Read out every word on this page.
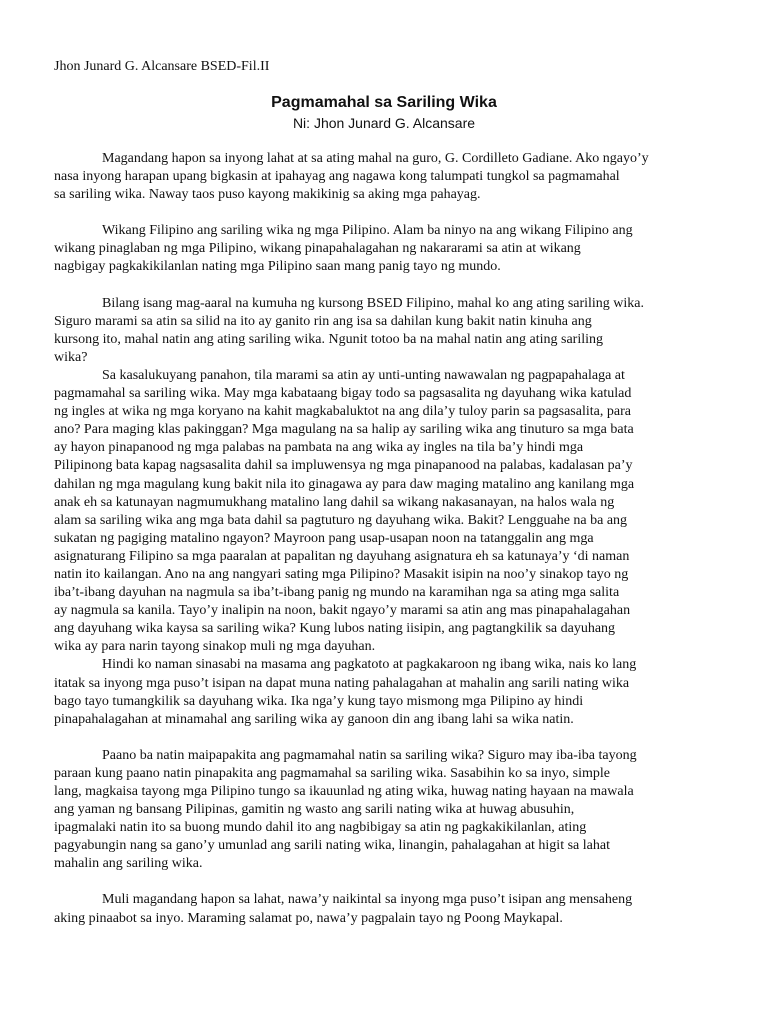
Jhon Junard G. Alcansare BSED-Fil.II
Pagmamahal sa Sariling Wika
Ni: Jhon Junard G. Alcansare

Magandang hapon sa inyong lahat at sa ating mahal na guro, G. Cordilleto Gadiane. Ako ngayo’y
nasa inyong harapan upang bigkasin at ipahayag ang nagawa kong talumpati tungkol sa pagmamahal
sa sariling wika. Naway taos puso kayong makikinig sa aking mga pahayag.

Wikang Filipino ang sariling wika ng mga Pilipino. Alam ba ninyo na ang wikang Filipino ang
wikang pinaglaban ng mga Pilipino, wikang pinapahalagahan ng nakararami sa atin at wikang
nagbigay pagkakikilanlan nating mga Pilipino saan mang panig tayo ng mundo.

Bilang isang mag-aaral na kumuha ng kursong BSED Filipino, mahal ko ang ating sariling wika.
Siguro marami sa atin sa silid na ito ay ganito rin ang isa sa dahilan kung bakit natin kinuha ang
kursong ito, mahal natin ang ating sariling wika. Ngunit totoo ba na mahal natin ang ating sariling
wika?

Sa kasalukuyang panahon, tila marami sa atin ay unti-unting nawawalan ng pagpapahalaga at
pagmamahal sa sariling wika. May mga kabataang bigay todo sa pagsasalita ng dayuhang wika katulad
ng ingles at wika ng mga koryano na kahit magkabaluktot na ang dila’y tuloy parin sa pagsasalita, para
ano? Para maging klas pakinggan? Mga magulang na sa halip ay sariling wika ang tinuturo sa mga bata
ay hayon pinapanood ng mga palabas na pambata na ang wika ay ingles na tila ba’y hindi mga
Pilipinong bata kapag nagsasalita dahil sa impluwensya ng mga pinapanood na palabas, kadalasan pa’y
dahilan ng mga magulang kung bakit nila ito ginagawa ay para daw maging matalino ang kanilang mga
anak eh sa katunayan nagmumukhang matalino lang dahil sa wikang nakasanayan, na halos wala ng
alam sa sariling wika ang mga bata dahil sa pagtuturo ng dayuhang wika. Bakit? Lengguahe na ba ang
sukatan ng pagiging matalino ngayon? Mayroon pang usap-usapan noon na tatanggalin ang mga
asignaturang Filipino sa mga paaralan at papalitan ng dayuhang asignatura eh sa katunaya’y ‘di naman
natin ito kailangan. Ano na ang nangyari sating mga Pilipino? Masakit isipin na noo’y sinakop tayo ng
iba’t-ibang dayuhan na nagmula sa iba’t-ibang panig ng mundo na karamihan nga sa ating mga salita
ay nagmula sa kanila. Tayo’y inalipin na noon, bakit ngayo’y marami sa atin ang mas pinapahalagahan
ang dayuhang wika kaysa sa sariling wika? Kung lubos nating iisipin, ang pagtangkilik sa dayuhang
wika ay para narin tayong sinakop muli ng mga dayuhan.

Hindi ko naman sinasabi na masama ang pagkatoto at pagkakaroon ng ibang wika, nais ko lang
itatak sa inyong mga puso’t isipan na dapat muna nating pahalagahan at mahalin ang sarili nating wika
bago tayo tumangkilik sa dayuhang wika. Ika nga’y kung tayo mismong mga Pilipino ay hindi
pinapahalagahan at minamahal ang sariling wika ay ganoon din ang ibang lahi sa wika natin.

Paano ba natin maipapakita ang pagmamahal natin sa sariling wika? Siguro may iba-iba tayong
paraan kung paano natin pinapakita ang pagmamahal sa sariling wika. Sasabihin ko sa inyo, simple
lang, magkaisa tayong mga Pilipino tungo sa ikauunlad ng ating wika, huwag nating hayaan na mawala
ang yaman ng bansang Pilipinas, gamitin ng wasto ang sarili nating wika at huwag abusuhin,
ipagmalaki natin ito sa buong mundo dahil ito ang nagbibigay sa atin ng pagkakikilanlan, ating
pagyabungin nang sa gano’y umunlad ang sarili nating wika, linangin, pahalagahan at higit sa lahat
mahalin ang sariling wika.

Muli magandang hapon sa lahat, nawa’y naikintal sa inyong mga puso’t isipan ang mensaheng
aking pinaabot sa inyo. Maraming salamat po, nawa’y pagpalain tayo ng Poong Maykapal.
